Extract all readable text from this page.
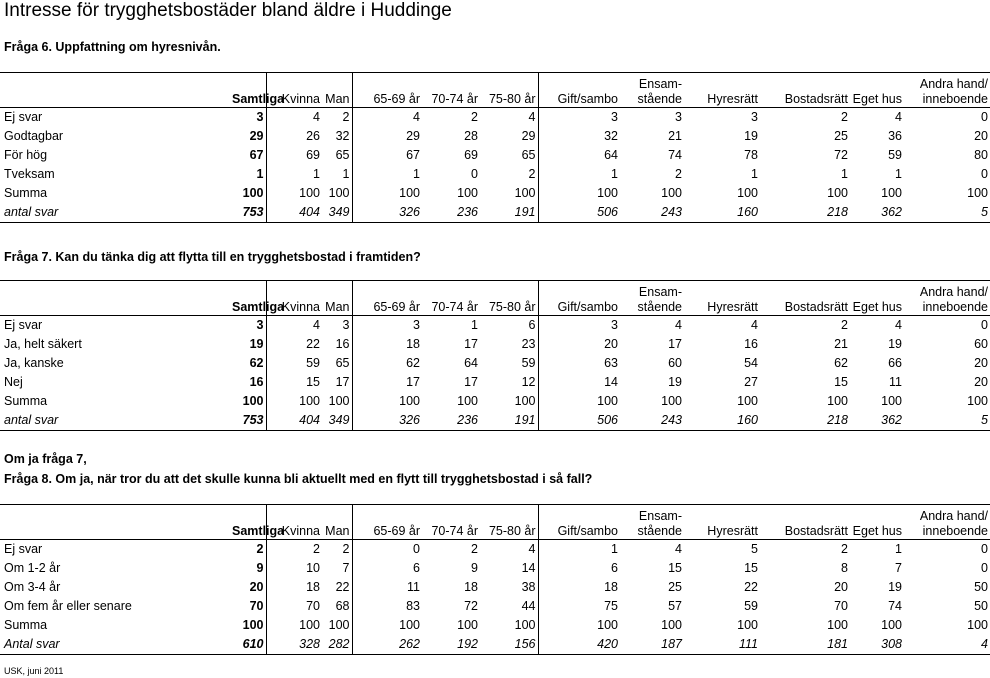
Intresse för trygghetsbostäder bland äldre i Huddinge
Fråga 6. Uppfattning om hyresnivån.
Fråga 7. Kan du tänka dig att flytta till en trygghetsbostad i framtiden?
Om ja fråga 7,
Fråga 8. Om ja, när tror du att det skulle kunna bli aktuellt med en flytt till trygghetsbostad i så fall?
	Samtliga	Kvinna	Man	65-69 år	70-74 år	75-80 år	Gift/sambo	Ensam-
stående	Hyresrätt	Bostadsrätt	Eget hus	Andra hand/
inneboende
Ej svar	3	4	2	4	2	4	3	3	3	2	4	0
Godtagbar	29	26	32	29	28	29	32	21	19	25	36	20
För hög	67	69	65	67	69	65	64	74	78	72	59	80
Tveksam	1	1	1	1	0	2	1	2	1	1	1	0
Summa	100	100	100	100	100	100	100	100	100	100	100	100
antal svar	753	404	349	326	236	191	506	243	160	218	362	5
	Samtliga	Kvinna	Man	65-69 år	70-74 år	75-80 år	Gift/sambo	Ensam-
stående	Hyresrätt	Bostadsrätt	Eget hus	Andra hand/
inneboende
Ej svar	3	4	3	3	1	6	3	4	4	2	4	0
Ja, helt säkert	19	22	16	18	17	23	20	17	16	21	19	60
Ja, kanske	62	59	65	62	64	59	63	60	54	62	66	20
Nej	16	15	17	17	17	12	14	19	27	15	11	20
Summa	100	100	100	100	100	100	100	100	100	100	100	100
antal svar	753	404	349	326	236	191	506	243	160	218	362	5
	Samtliga	Kvinna	Man	65-69 år	70-74 år	75-80 år	Gift/sambo	Ensam-
stående	Hyresrätt	Bostadsrätt	Eget hus	Andra hand/
inneboende
Ej svar	2	2	2	0	2	4	1	4	5	2	1	0
Om 1-2 år	9	10	7	6	9	14	6	15	15	8	7	0
Om 3-4 år	20	18	22	11	18	38	18	25	22	20	19	50
Om fem år eller senare	70	70	68	83	72	44	75	57	59	70	74	50
Summa	100	100	100	100	100	100	100	100	100	100	100	100
Antal svar	610	328	282	262	192	156	420	187	111	181	308	4
USK, juni 2011
